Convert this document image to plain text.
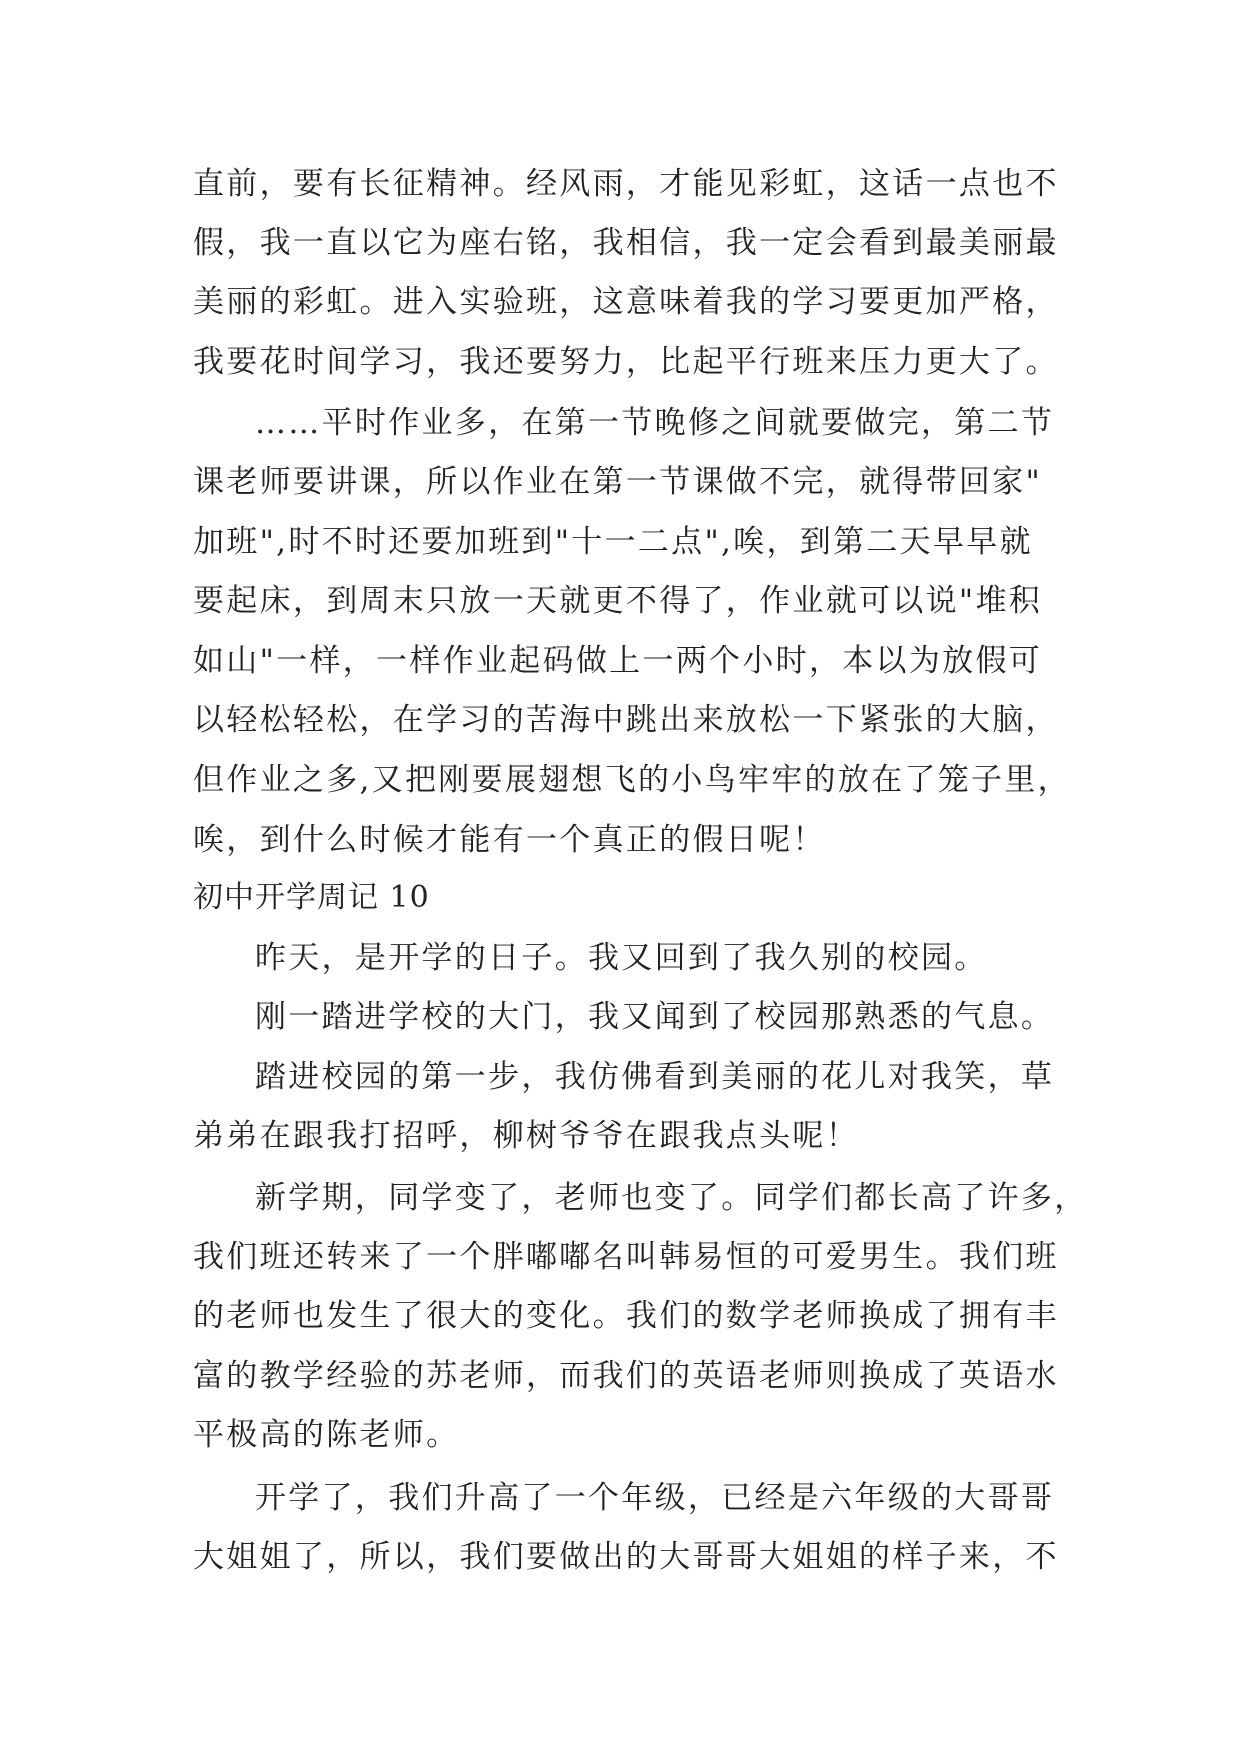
直前，要有长征精神。经风雨，才能见彩虹，这话一点也不
假，我一直以它为座右铭，我相信，我一定会看到最美丽最
美丽的彩虹。进入实验班，这意味着我的学习要更加严格，
我要花时间学习，我还要努力，比起平行班来压力更大了。
……平时作业多，在第一节晚修之间就要做完，第二节
课老师要讲课，所以作业在第一节课做不完，就得带回家"
加班",时不时还要加班到"十一二点",唉，到第二天早早就
要起床，到周末只放一天就更不得了，作业就可以说"堆积
如山"一样，一样作业起码做上一两个小时，本以为放假可
以轻松轻松，在学习的苦海中跳出来放松一下紧张的大脑，
但作业之多,又把刚要展翅想飞的小鸟牢牢的放在了笼子里，
唉，到什么时候才能有一个真正的假日呢！
初中开学周记 10
昨天，是开学的日子。我又回到了我久别的校园。
刚一踏进学校的大门，我又闻到了校园那熟悉的气息。
踏进校园的第一步，我仿佛看到美丽的花儿对我笑，草
弟弟在跟我打招呼，柳树爷爷在跟我点头呢！
新学期，同学变了，老师也变了。同学们都长高了许多，
我们班还转来了一个胖嘟嘟名叫韩易恒的可爱男生。我们班
的老师也发生了很大的变化。我们的数学老师换成了拥有丰
富的教学经验的苏老师，而我们的英语老师则换成了英语水
平极高的陈老师。
开学了，我们升高了一个年级，已经是六年级的大哥哥
大姐姐了，所以，我们要做出的大哥哥大姐姐的样子来，不
